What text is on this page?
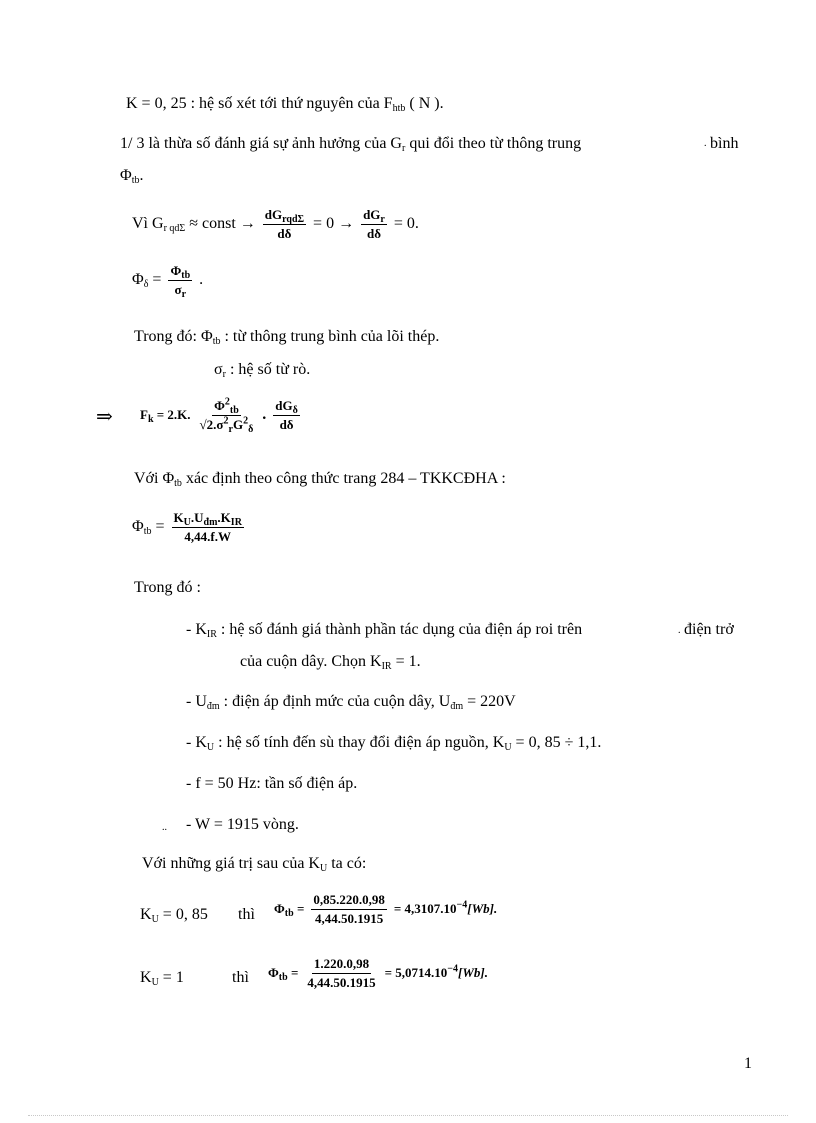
K = 0, 25 : hệ số xét tới thứ nguyên của $F_{htb}$ ( N ).
1/ 3 là thừa số đánh giá sự ảnh hưởng của $G_r$ qui đổi theo từ thông trung	. bình
$\Phi_{tb}$.
Vì $G_{r qd\Sigma}$ ≈ const → $\frac{dG_{rqd\Sigma}}{d\delta} = 0 \to \frac{dG_r}{d\delta} = 0$.
$\Phi_\delta = \frac{\Phi_{tb}}{\sigma_r}$ .
Trong đó: $\Phi_{tb}$ : từ thông trung bình của lõi thép.
$\sigma_r$ : hệ số từ rò.
⇒ $F_k = 2.K$. $\frac{\Phi^2_{tb}}{√2.\sigma^2_rG^2_\delta}$ . $\frac{dG_\delta}{d\delta}$
Với $\Phi_{tb}$ xác định theo công thức trang 284 – TKKCĐHA :
$\Phi_{tb} = \frac{K_U.U_{đm}.K_{IR}}{4,44.f.W}$
Trong đó :
- $K_{IR}$ : hệ số đánh giá thành phần tác dụng của điện áp roi trên	. điện trở
của cuộn dây. Chọn $K_{IR} = 1$.
- $U_{đm}$ : điện áp định mức của cuộn dây, $U_{đm} = 220V$
- $K_U$ : hệ số tính đến sù thay đổi điện áp nguồn, $K_U = 0$, 85 ÷ 1,1.
- f = 50 Hz: tần số điện áp.
.. - W = 1915 vòng.
Với những giá trị sau của $K_U$ ta có:
$K_U = 0$, 85 thì $\Phi_{tb} = \frac{0,85.220.0,98}{4,44.50.1915} = 4,3107.10^{-4}[Wb]$.
$K_U = 1$	thì $\Phi_{tb} = \frac{1.220.0,98}{4,44.50.1915} = 5,0714.10^{-4}[Wb]$.
1
